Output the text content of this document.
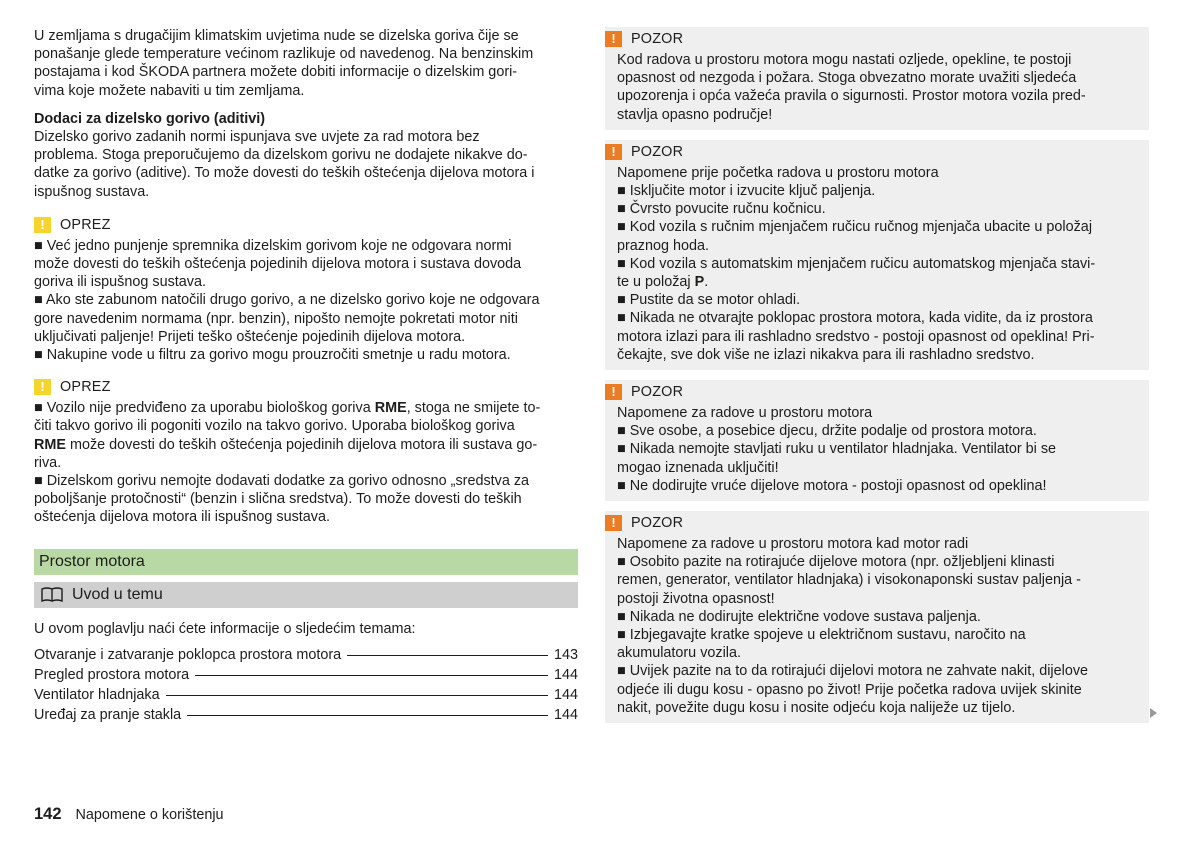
U zemljama s drugačijim klimatskim uvjetima nude se dizelska goriva čije se

ponašanje glede temperature većinom razlikuje od navedenog. Na benzinskim

postajama i kod ŠKODA partnera možete dobiti informacije o dizelskim gori-

vima koje možete nabaviti u tim zemljama.

Dodaci za dizelsko gorivo (aditivi)

Dizelsko gorivo zadanih normi ispunjava sve uvjete za rad motora bez

problema. Stoga preporučujemo da dizelskom gorivu ne dodajete nikakve do-

datke za gorivo (aditive). To može dovesti do teških oštećenja dijelova motora i

ispušnog sustava.

!	OPREZ

■ Već jedno punjenje spremnika dizelskim gorivom koje ne odgovara normi

može dovesti do teških oštećenja pojedinih dijelova motora i sustava dovoda

goriva ili ispušnog sustava.

■ Ako ste zabunom natočili drugo gorivo, a ne dizelsko gorivo koje ne odgovara

gore navedenim normama (npr. benzin), nipošto nemojte pokretati motor niti

uključivati paljenje! Prijeti teško oštećenje pojedinih dijelova motora.

■ Nakupine vode u filtru za gorivo mogu prouzročiti smetnje u radu motora.

!	OPREZ

■ Vozilo nije predviđeno za uporabu biološkog goriva RME, stoga ne smijete to-

čiti takvo gorivo ili pogoniti vozilo na takvo gorivo. Uporaba biološkog goriva

RME može dovesti do teških oštećenja pojedinih dijelova motora ili sustava go-

riva.

■ Dizelskom gorivu nemojte dodavati dodatke za gorivo odnosno „sredstva za

poboljšanje protočnosti“ (benzin i slična sredstva). To može dovesti do teških

oštećenja dijelova motora ili ispušnog sustava.

Prostor motora
Uvod u temu

U ovom poglavlju naći ćete informacije o sljedećim temama:

Otvaranje i zatvaranje poklopca prostora motora	143
Pregled prostora motora	144
Ventilator hladnjaka	144
Uređaj za pranje stakla	144
!	POZOR

Kod radova u prostoru motora mogu nastati ozljede, opekline, te postoji

opasnost od nezgoda i požara. Stoga obvezatno morate uvažiti sljedeća

upozorenja i opća važeća pravila o sigurnosti. Prostor motora vozila pred-

stavlja opasno područje!

!	POZOR

Napomene prije početka radova u prostoru motora

■ Isključite motor i izvucite ključ paljenja.

■ Čvrsto povucite ručnu kočnicu.

■ Kod vozila s ručnim mjenjačem ručicu ručnog mjenjača ubacite u položaj

praznog hoda.

■ Kod vozila s automatskim mjenjačem ručicu automatskog mjenjača stavi-

te u položaj P.

■ Pustite da se motor ohladi.

■ Nikada ne otvarajte poklopac prostora motora, kada vidite, da iz prostora

motora izlazi para ili rashladno sredstvo - postoji opasnost od opeklina! Pri-

čekajte, sve dok više ne izlazi nikakva para ili rashladno sredstvo.

!	POZOR

Napomene za radove u prostoru motora

■ Sve osobe, a posebice djecu, držite podalje od prostora motora.

■ Nikada nemojte stavljati ruku u ventilator hladnjaka. Ventilator bi se

mogao iznenada uključiti!

■ Ne dodirujte vruće dijelove motora - postoji opasnost od opeklina!

!	POZOR

Napomene za radove u prostoru motora kad motor radi

■ Osobito pazite na rotirajuće dijelove motora (npr. ožljebljeni klinasti

remen, generator, ventilator hladnjaka) i visokonaponski sustav paljenja -

postoji životna opasnost!

■ Nikada ne dodirujte električne vodove sustava paljenja.

■ Izbjegavajte kratke spojeve u električnom sustavu, naročito na

akumulatoru vozila.

■ Uvijek pazite na to da rotirajući dijelovi motora ne zahvate nakit, dijelove

odjeće ili dugu kosu - opasno po život! Prije početka radova uvijek skinite

nakit, povežite dugu kosu i nosite odjeću koja naliježe uz tijelo.

142 Napomene o korištenju
